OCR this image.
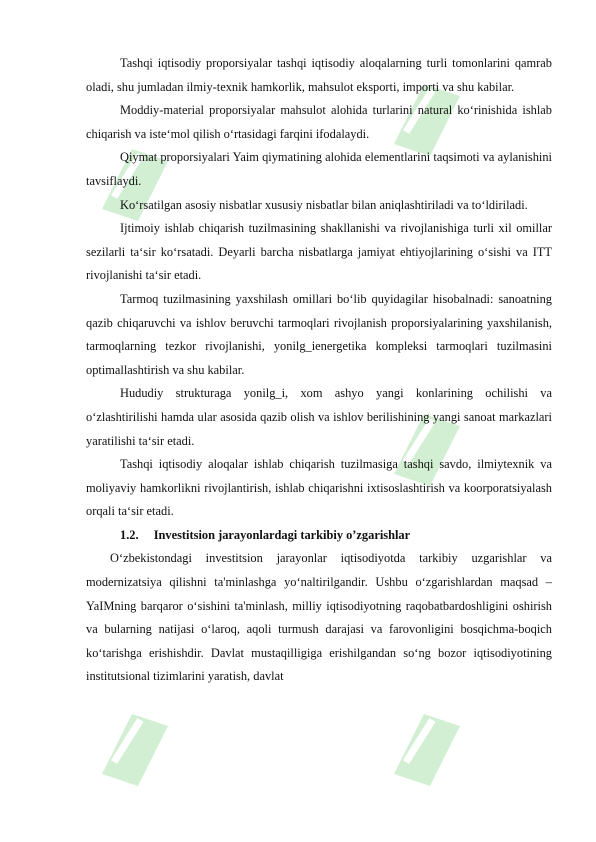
Tashqi iqtisodiy proporsiyalar tashqi iqtisodiy aloqalarning turli tomonlarini qamrab oladi, shu jumladan ilmiy-texnik hamkorlik, mahsulot eksporti, importi va shu kabilar.

Moddiy-material proporsiyalar mahsulot alohida turlarini natural ko‘rinishida ishlab chiqarish va iste‘mol qilish o‘rtasidagi farqini ifodalaydi.

Qiymat proporsiyalari Yaim qiymatining alohida elementlarini taqsimoti va aylanishini tavsiflaydi.

Ko‘rsatilgan asosiy nisbatlar xususiy nisbatlar bilan aniqlashtiriladi va to‘ldiriladi.

Ijtimoiy ishlab chiqarish tuzilmasining shakllanishi va rivojlanishiga turli xil omillar sezilarli ta‘sir ko‘rsatadi. Deyarli barcha nisbatlarga jamiyat ehtiyojlarining o‘sishi va ITT rivojlanishi ta‘sir etadi.

Tarmoq tuzilmasining yaxshilash omillari bo‘lib quyidagilar hisobalnadi: sanoatning qazib chiqaruvchi va ishlov beruvchi tarmoqlari rivojlanish proporsiyalarining yaxshilanish, tarmoqlarning tezkor rivojlanishi, yonilg_ienergetika kompleksi tarmoqlari tuzilmasini optimallashtirish va shu kabilar.

Hududiy strukturaga yonilg_i, xom ashyo yangi konlarining ochilishi va o‘zlashtirilishi hamda ular asosida qazib olish va ishlov berilishining yangi sanoat markazlari yaratilishi ta‘sir etadi.

Tashqi iqtisodiy aloqalar ishlab chiqarish tuzilmasiga tashqi savdo, ilmiytexnik va moliyaviy hamkorlikni rivojlantirish, ishlab chiqarishni ixtisoslashtirish va koorporatsiyalash orqali ta‘sir etadi.

1.2. Investitsion jarayonlardagi tarkibiy o’zgarishlar

O‘zbekistondagi investitsion jarayonlar iqtisodiyotda tarkibiy uzgarishlar va modernizatsiya qilishni ta'minlashga yo‘naltirilgandir. Ushbu o‘zgarishlardan maqsad – YaIMning barqaror o‘sishini ta'minlash, milliy iqtisodiyotning raqobatbardoshligini oshirish va bularning natijasi o‘laroq, aqoli turmush darajasi va farovonligini bosqichma-boqich ko‘tarishga erishishdir. Davlat mustaqilligiga erishilgandan so‘ng bozor iqtisodiyotining institutsional tizimlarini yaratish, davlat
